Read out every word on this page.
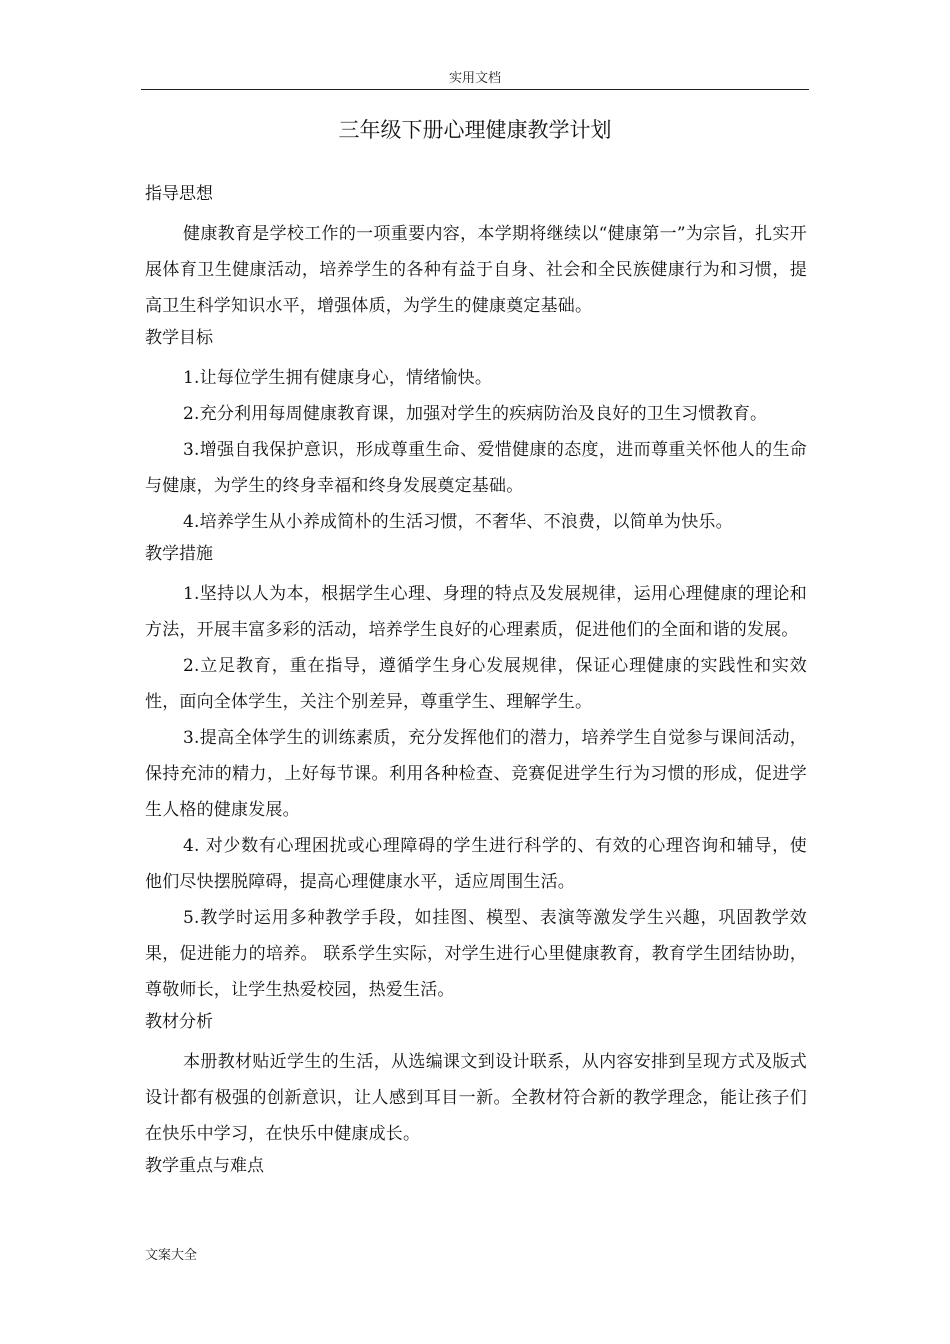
实用文档
三年级下册心理健康教学计划
指导思想

健康教育是学校工作的一项重要内容，本学期将继续以“健康第一”为宗旨，扎实开展体育卫生健康活动，培养学生的各种有益于自身、社会和全民族健康行为和习惯，提高卫生科学知识水平，增强体质，为学生的健康奠定基础。

教学目标

1.让每位学生拥有健康身心，情绪愉快。

2.充分利用每周健康教育课，加强对学生的疾病防治及良好的卫生习惯教育。

3.增强自我保护意识，形成尊重生命、爱惜健康的态度，进而尊重关怀他人的生命与健康，为学生的终身幸福和终身发展奠定基础。

4.培养学生从小养成简朴的生活习惯，不奢华、不浪费，以简单为快乐。

教学措施

1.坚持以人为本，根据学生心理、身理的特点及发展规律，运用心理健康的理论和方法，开展丰富多彩的活动，培养学生良好的心理素质，促进他们的全面和谐的发展。

2.立足教育，重在指导，遵循学生身心发展规律，保证心理健康的实践性和实效性，面向全体学生，关注个别差异，尊重学生、理解学生。

3.提高全体学生的训练素质，充分发挥他们的潜力，培养学生自觉参与课间活动，保持充沛的精力，上好每节课。利用各种检查、竞赛促进学生行为习惯的形成，促进学生人格的健康发展。

4. 对少数有心理困扰或心理障碍的学生进行科学的、有效的心理咨询和辅导，使他们尽快摆脱障碍，提高心理健康水平，适应周围生活。

5.教学时运用多种教学手段，如挂图、模型、表演等激发学生兴趣，巩固教学效果，促进能力的培养。 联系学生实际，对学生进行心里健康教育，教育学生团结协助，尊敬师长，让学生热爱校园，热爱生活。

教材分析

本册教材贴近学生的生活，从选编课文到设计联系，从内容安排到呈现方式及版式设计都有极强的创新意识，让人感到耳目一新。全教材符合新的教学理念，能让孩子们在快乐中学习，在快乐中健康成长。

教学重点与难点
文案大全
